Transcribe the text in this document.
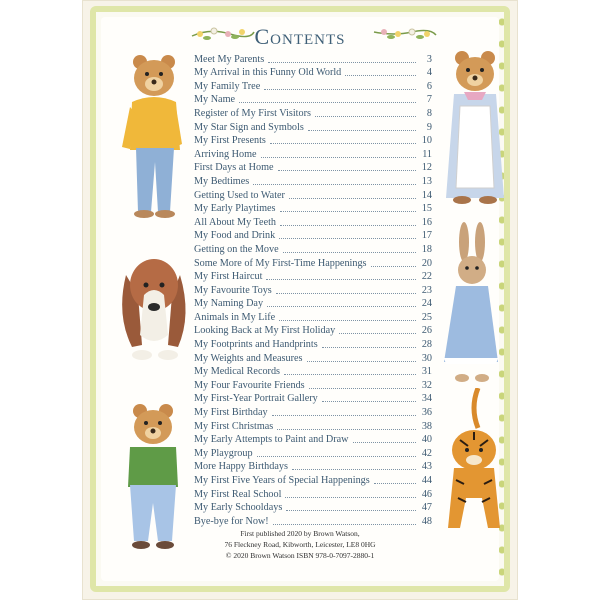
Contents
Meet My Parents	3
My Arrival in this Funny Old World	4
My Family Tree	6
My Name	7
Register of My First Visitors	8
My Star Sign and Symbols	9
My First Presents	10
Arriving Home	11
First Days at Home	12
My Bedtimes	13
Getting Used to Water	14
My Early Playtimes	15
All About My Teeth	16
My Food and Drink	17
Getting on the Move	18
Some More of My First-Time Happenings	20
My First Haircut	22
My Favourite Toys	23
My Naming Day	24
Animals in My Life	25
Looking Back at My First Holiday	26
My Footprints and Handprints	28
My Weights and Measures	30
My Medical Records	31
My Four Favourite Friends	32
My First-Year Portrait Gallery	34
My First Birthday	36
My First Christmas	38
My Early Attempts to Paint and Draw	40
My Playgroup	42
More Happy Birthdays	43
My First Five Years of Special Happenings	44
My First Real School	46
My Early Schooldays	47
Bye-bye for Now!	48
First published 2020 by Brown Watson,
76 Fleckney Road, Kibworth, Leicester, LE8 0HG
© 2020 Brown Watson ISBN 978-0-7097-2880-1
